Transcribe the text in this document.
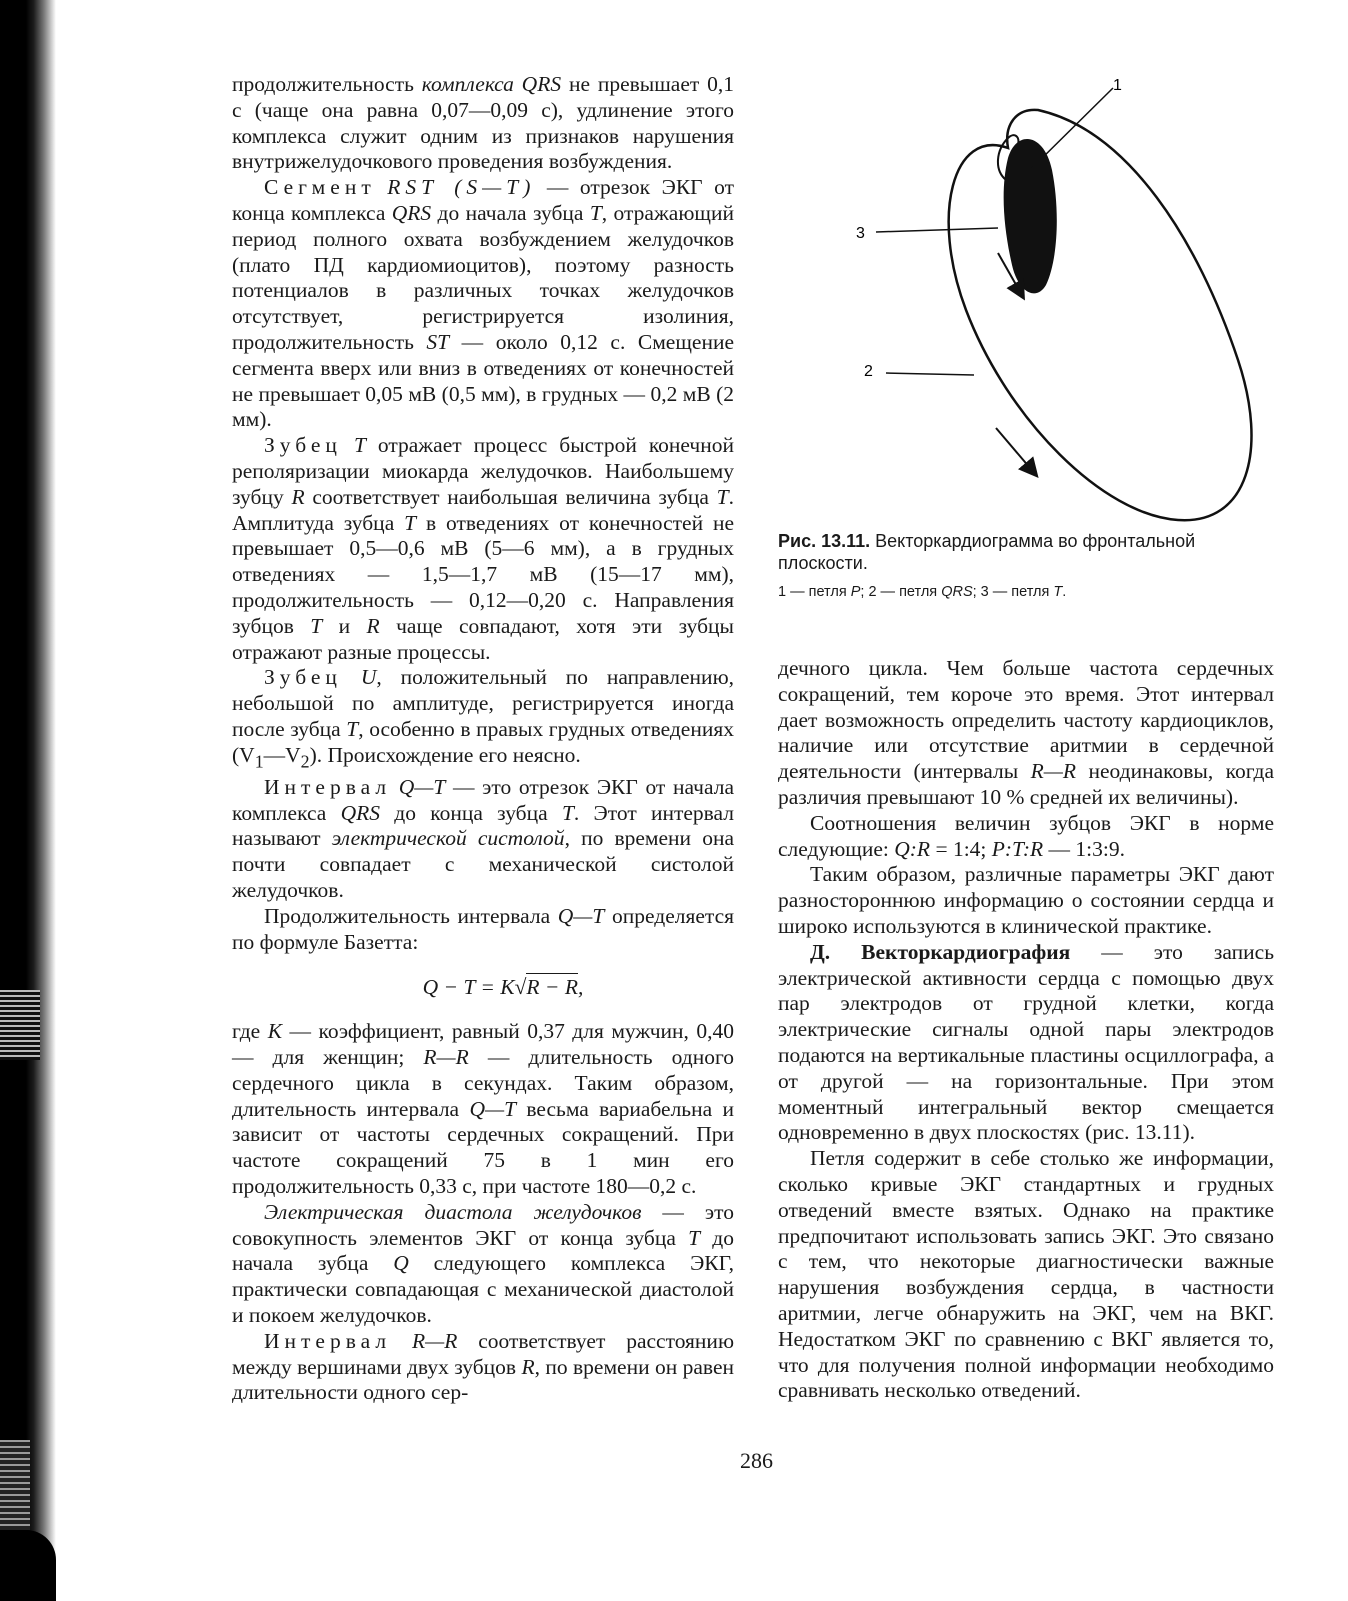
продолжительность комплекса QRS не превышает 0,1 с (чаще она равна 0,07—0,09 с), удлинение этого комплекса служит одним из признаков нарушения внутрижелудочкового проведения возбуждения.

Сегмент RST (S—T) — отрезок ЭКГ от конца комплекса QRS до начала зубца T, отражающий период полного охвата возбуждением желудочков (плато ПД кардиомиоцитов), поэтому разность потенциалов в различных точках желудочков отсутствует, регистрируется изолиния, продолжительность ST — около 0,12 с. Смещение сегмента вверх или вниз в отведениях от конечностей не превышает 0,05 мВ (0,5 мм), в грудных — 0,2 мВ (2 мм).

Зубец T отражает процесс быстрой конечной реполяризации миокарда желудочков. Наибольшему зубцу R соответствует наибольшая величина зубца T. Амплитуда зубца T в отведениях от конечностей не превышает 0,5—0,6 мВ (5—6 мм), а в грудных отведениях — 1,5—1,7 мВ (15—17 мм), продолжительность — 0,12—0,20 с. Направления зубцов T и R чаще совпадают, хотя эти зубцы отражают разные процессы.

Зубец U, положительный по направлению, небольшой по амплитуде, регистрируется иногда после зубца T, особенно в правых грудных отведениях $(V_1—V_2)$. Происхождение его неясно.

Интервал Q—T — это отрезок ЭКГ от начала комплекса QRS до конца зубца T. Этот интервал называют электрической систолой, по времени она почти совпадает с механической систолой желудочков.

Продолжительность интервала Q—T определяется по формуле Базетта:

Q − T = K√R − R,

где K — коэффициент, равный 0,37 для мужчин, 0,40 — для женщин; R—R — длительность одного сердечного цикла в секундах. Таким образом, длительность интервала Q—T весьма вариабельна и зависит от частоты сердечных сокращений. При частоте сокращений 75 в 1 мин его продолжительность 0,33 с, при частоте 180—0,2 с.

Электрическая диастола желудочков — это совокупность элементов ЭКГ от конца зубца T до начала зубца Q следующего комплекса ЭКГ, практически совпадающая с механической диастолой и покоем желудочков.

Интервал R—R соответствует расстоянию между вершинами двух зубцов R, по времени он равен длительности одного сер-

1
3
2

Рис. 13.11. Векторкардиограмма во фронтальной плоскости.

1 — петля P; 2 — петля QRS; 3 — петля T.

дечного цикла. Чем больше частота сердечных сокращений, тем короче это время. Этот интервал дает возможность определить частоту кардиоциклов, наличие или отсутствие аритмии в сердечной деятельности (интервалы R—R неодинаковы, когда различия превышают 10 % средней их величины).

Соотношения величин зубцов ЭКГ в норме следующие: Q:R = 1:4; P:T:R — 1:3:9.

Таким образом, различные параметры ЭКГ дают разностороннюю информацию о состоянии сердца и широко используются в клинической практике.

Д. Векторкардиография — это запись электрической активности сердца с помощью двух пар электродов от грудной клетки, когда электрические сигналы одной пары электродов подаются на вертикальные пластины осциллографа, а от другой — на горизонтальные. При этом моментный интегральный вектор смещается одновременно в двух плоскостях (рис. 13.11).

Петля содержит в себе столько же информации, сколько кривые ЭКГ стандартных и грудных отведений вместе взятых. Однако на практике предпочитают использовать запись ЭКГ. Это связано с тем, что некоторые диагностически важные нарушения возбуждения сердца, в частности аритмии, легче обнаружить на ЭКГ, чем на ВКГ. Недостатком ЭКГ по сравнению с ВКГ является то, что для получения полной информации необходимо сравнивать несколько отведений.

286
